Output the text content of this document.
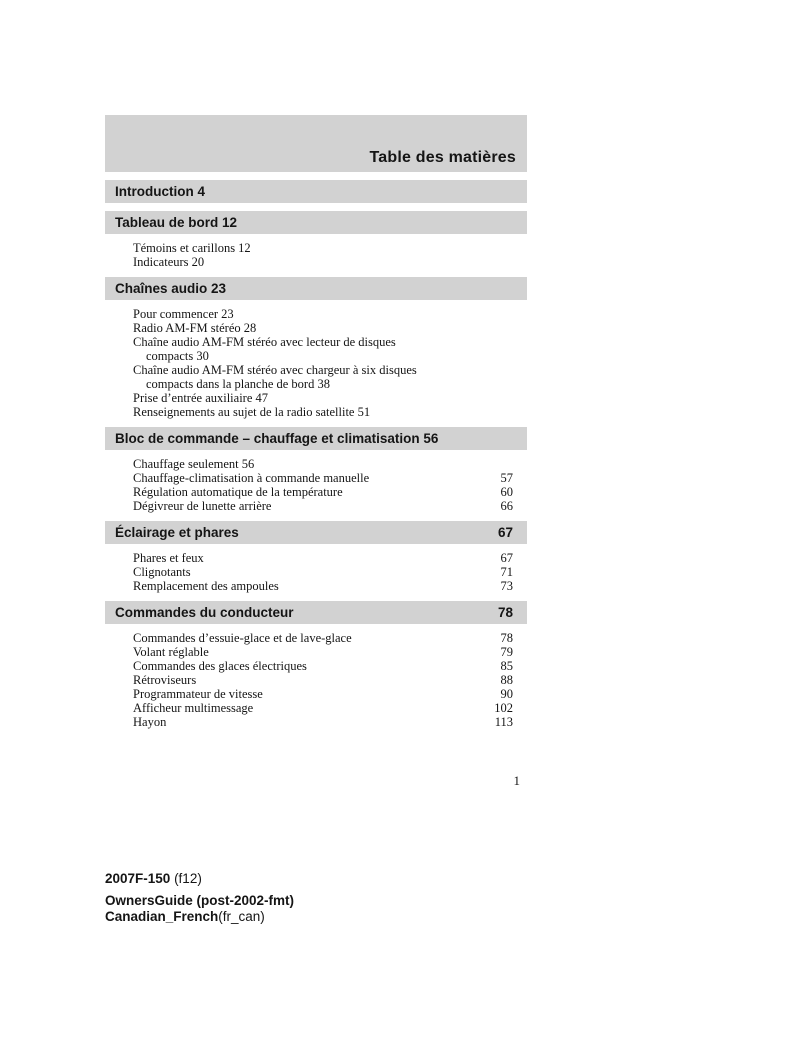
Table des matières
Introduction 4
Tableau de bord 12
Témoins et carillons 12
Indicateurs 20
Chaînes audio 23
Pour commencer 23
Radio AM-FM stéréo 28
Chaîne audio AM-FM stéréo avec lecteur de disques
compacts 30
Chaîne audio AM-FM stéréo avec chargeur à six disques
compacts dans la planche de bord 38
Prise d’entrée auxiliaire 47
Renseignements au sujet de la radio satellite 51
Bloc de commande – chauffage et climatisation 56
Chauffage seulement 56
Chauffage-climatisation à commande manuelle	57
Régulation automatique de la température	60
Dégivreur de lunette arrière	66
Éclairage et phares	67
Phares et feux	67
Clignotants	71
Remplacement des ampoules	73
Commandes du conducteur	78
Commandes d’essuie-glace et de lave-glace	78
Volant réglable	79
Commandes des glaces électriques	85
Rétroviseurs	88
Programmateur de vitesse	90
Afficheur multimessage	102
Hayon	113
1
2007F-150 (f12)
OwnersGuide (post-2002-fmt)
Canadian_French(fr_can)
